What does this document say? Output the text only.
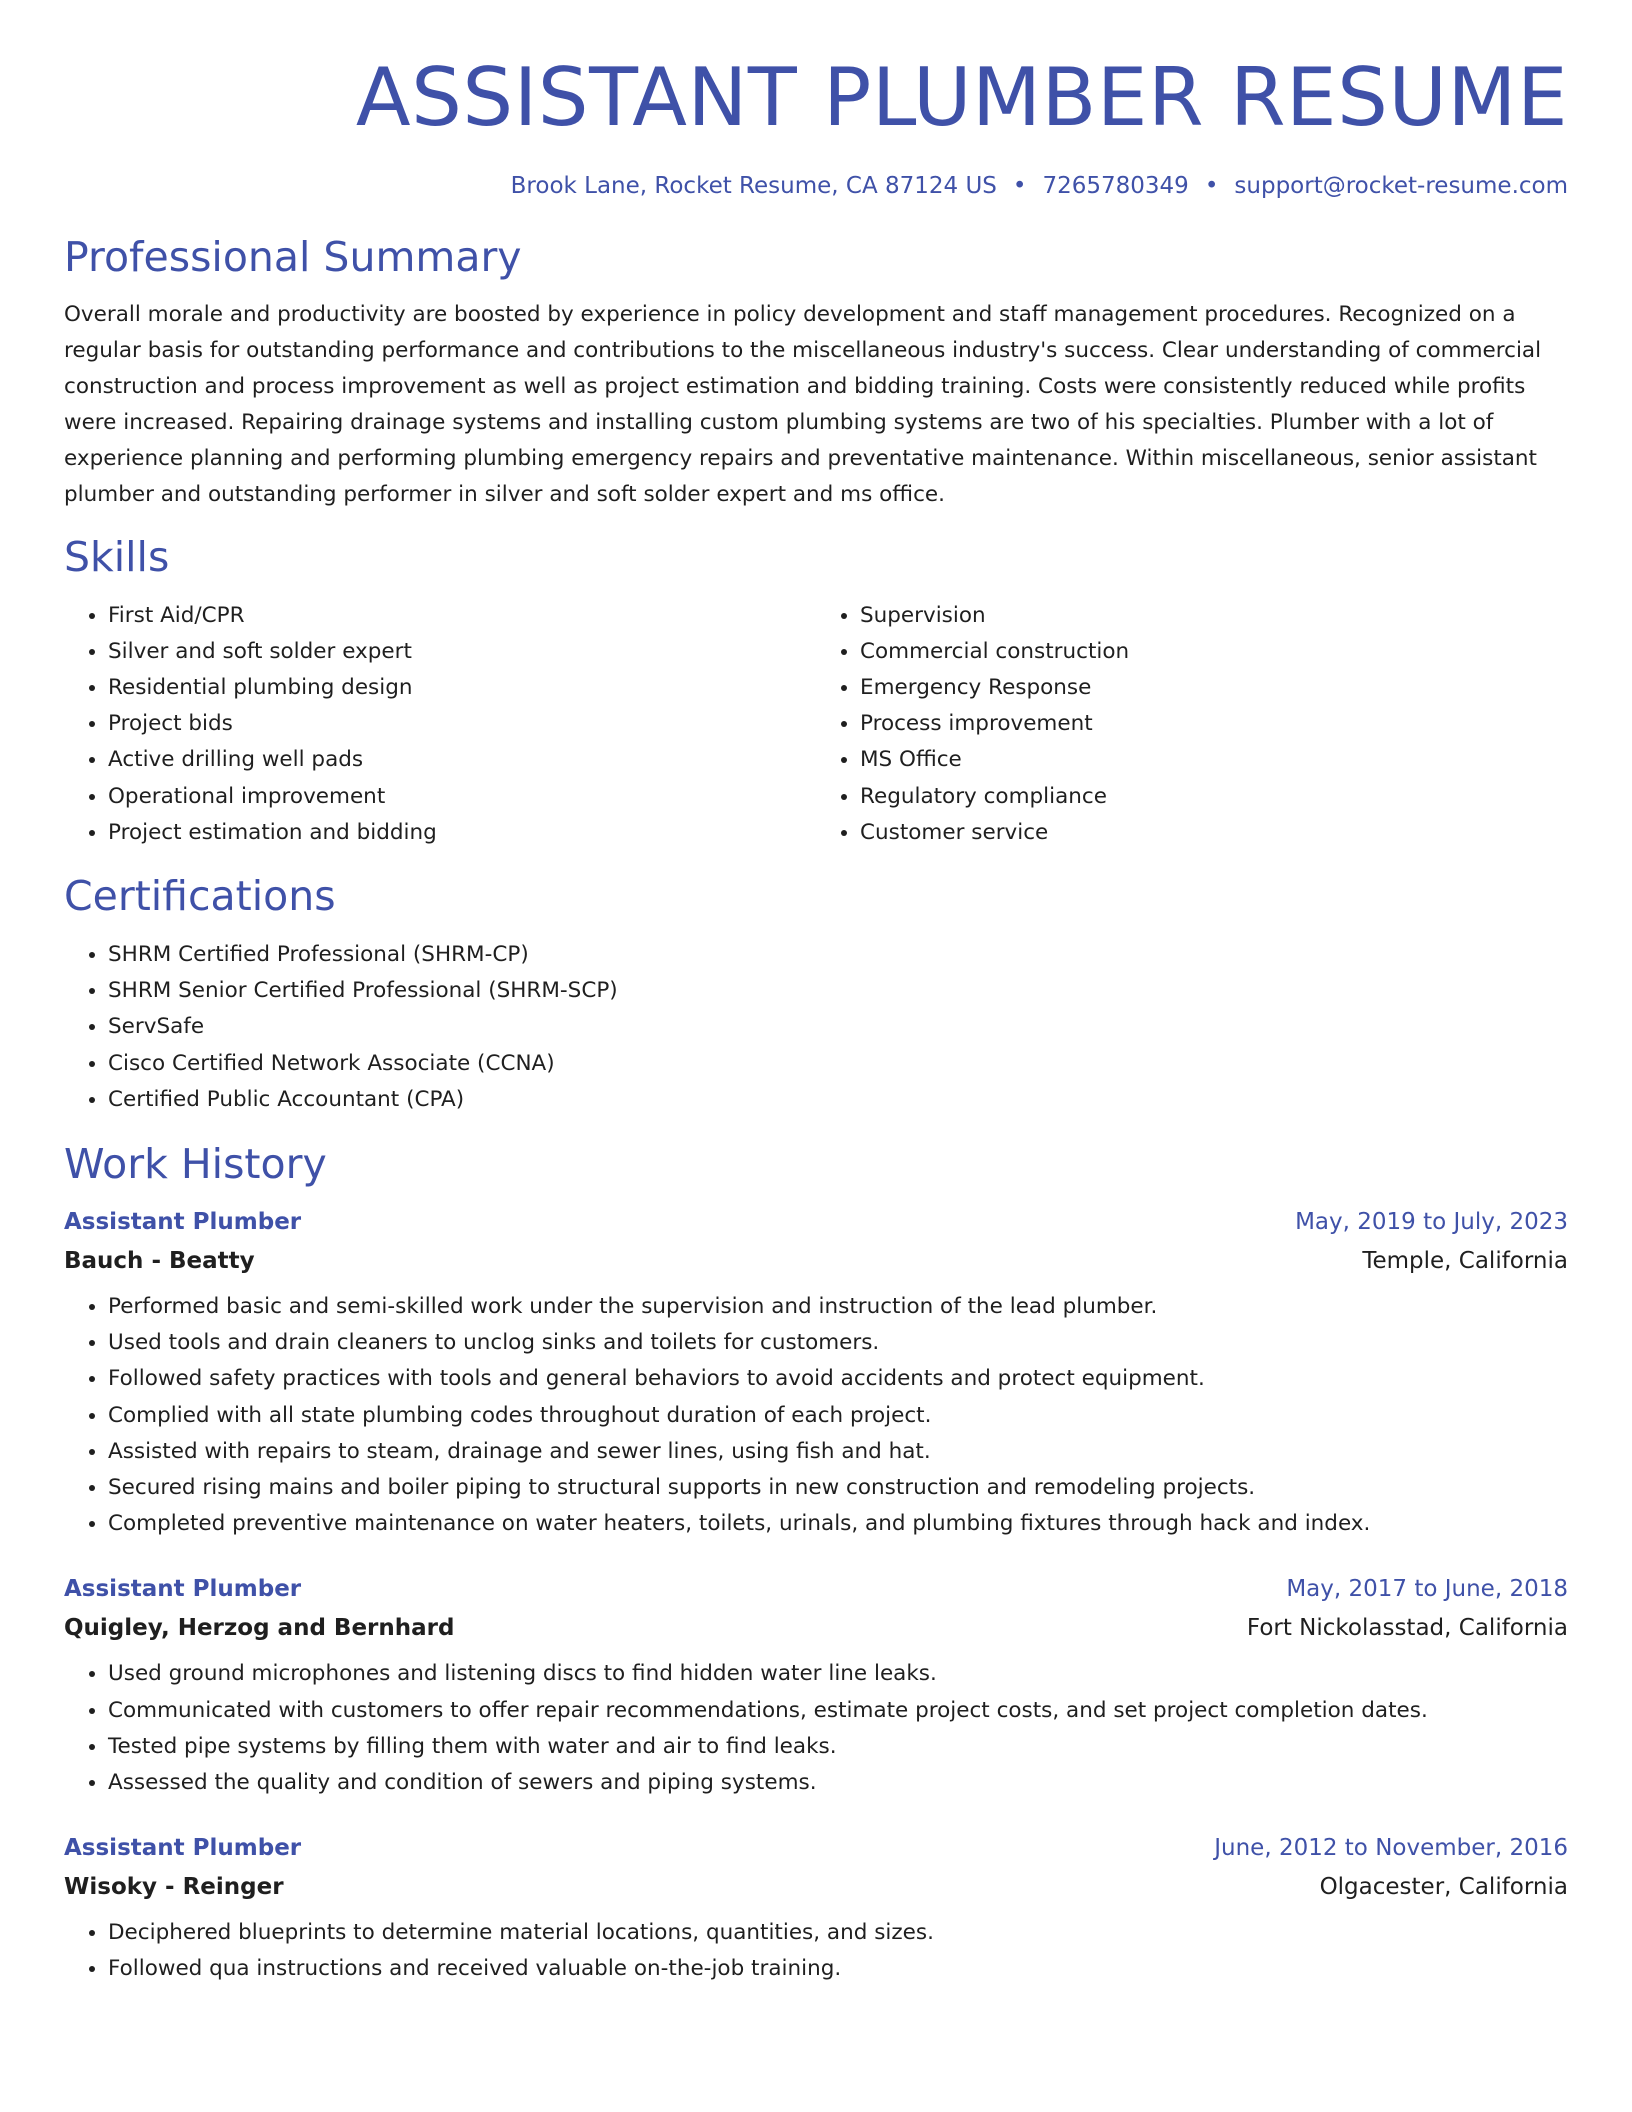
ASSISTANT PLUMBER RESUME
Brook Lane, Rocket Resume, CA 87124 US • 7265780349 • support@rocket-resume.com
Professional Summary

Overall morale and productivity are boosted by experience in policy development and staff management procedures. Recognized on a regular basis for outstanding performance and contributions to the miscellaneous industry's success. Clear understanding of commercial construction and process improvement as well as project estimation and bidding training. Costs were consistently reduced while profits were increased. Repairing drainage systems and installing custom plumbing systems are two of his specialties. Plumber with a lot of experience planning and performing plumbing emergency repairs and preventative maintenance. Within miscellaneous, senior assistant plumber and outstanding performer in silver and soft solder expert and ms office.

Skills
• First Aid/CPR
• Silver and soft solder expert
• Residential plumbing design
• Project bids
• Active drilling well pads
• Operational improvement
• Project estimation and bidding
• Supervision
• Commercial construction
• Emergency Response
• Process improvement
• MS Office
• Regulatory compliance
• Customer service
Certifications
• SHRM Certified Professional (SHRM-CP)
• SHRM Senior Certified Professional (SHRM-SCP)
• ServSafe
• Cisco Certified Network Associate (CCNA)
• Certified Public Accountant (CPA)
Work History
Assistant Plumber	May, 2019 to July, 2023
Bauch - Beatty	Temple, California
• Performed basic and semi-skilled work under the supervision and instruction of the lead plumber.
• Used tools and drain cleaners to unclog sinks and toilets for customers.
• Followed safety practices with tools and general behaviors to avoid accidents and protect equipment.
• Complied with all state plumbing codes throughout duration of each project.
• Assisted with repairs to steam, drainage and sewer lines, using fish and hat.
• Secured rising mains and boiler piping to structural supports in new construction and remodeling projects.
• Completed preventive maintenance on water heaters, toilets, urinals, and plumbing fixtures through hack and index.
Assistant Plumber	May, 2017 to June, 2018
Quigley, Herzog and Bernhard	Fort Nickolasstad, California
• Used ground microphones and listening discs to find hidden water line leaks.
• Communicated with customers to offer repair recommendations, estimate project costs, and set project completion dates.
• Tested pipe systems by filling them with water and air to find leaks.
• Assessed the quality and condition of sewers and piping systems.
Assistant Plumber	June, 2012 to November, 2016
Wisoky - Reinger	Olgacester, California
• Deciphered blueprints to determine material locations, quantities, and sizes.
• Followed qua instructions and received valuable on-the-job training.
